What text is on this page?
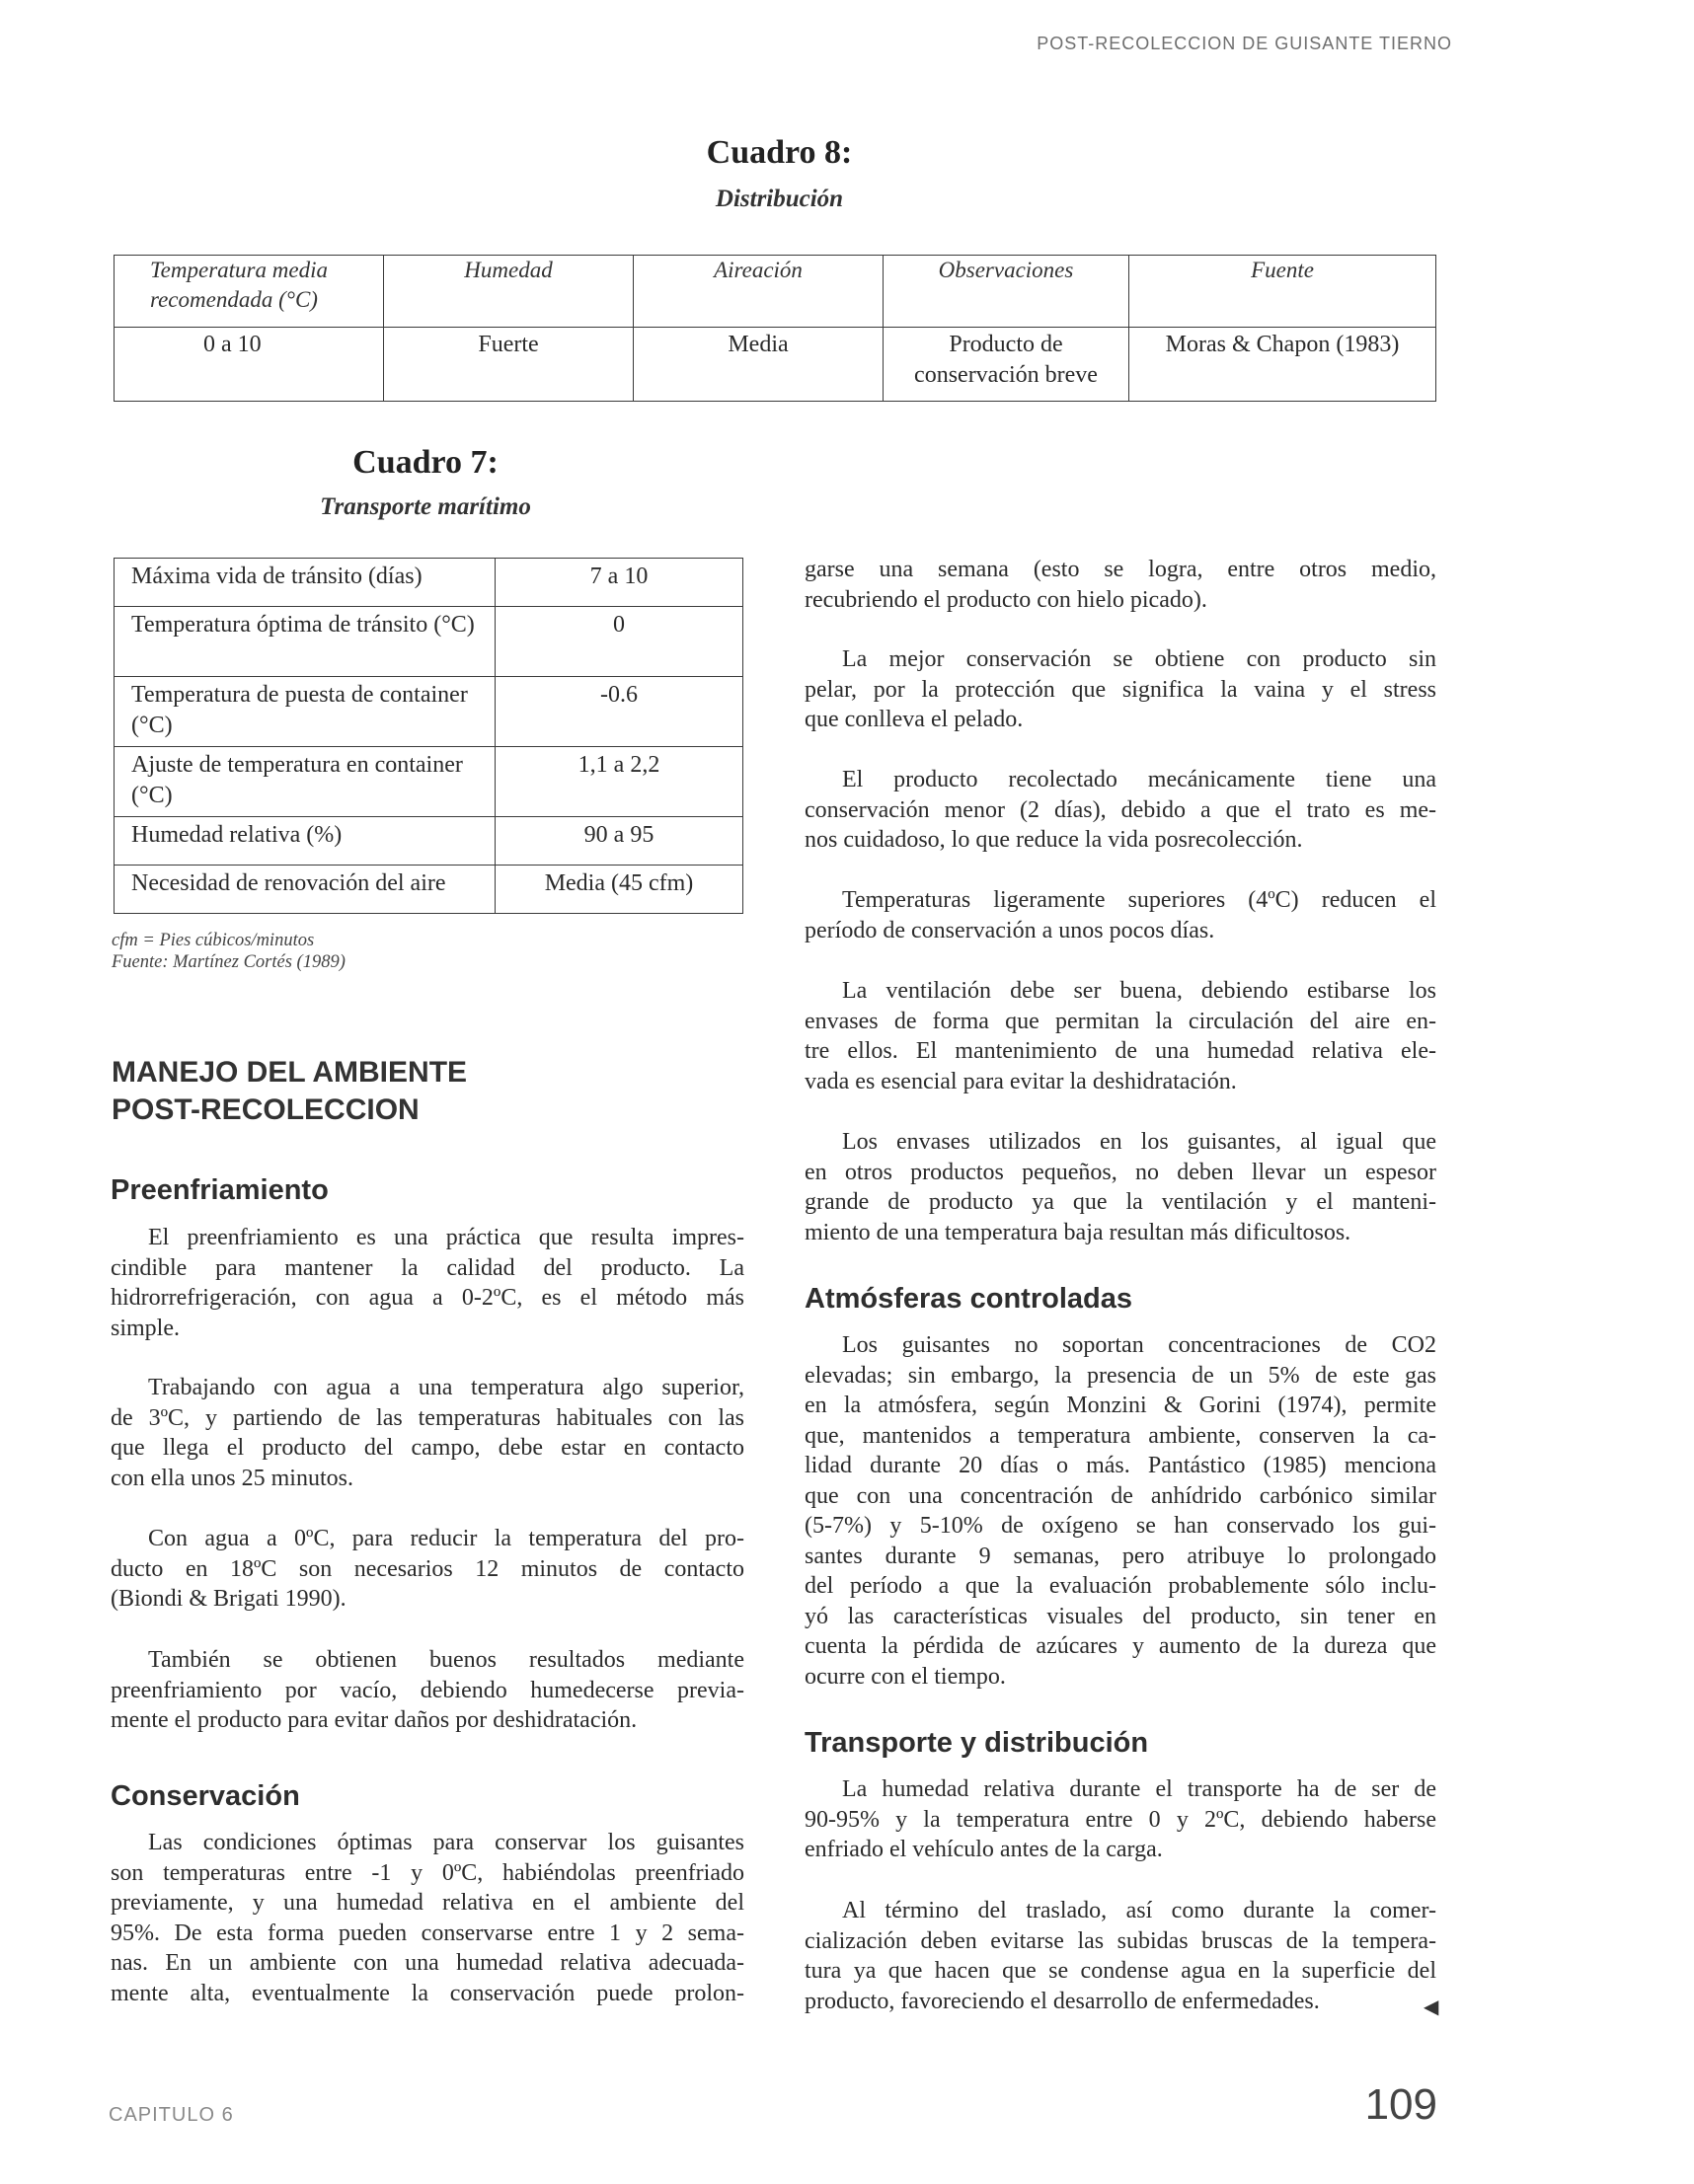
POST-RECOLECCION DE GUISANTE TIERNO
Cuadro 8:
Distribución
Temperatura media recomendada (°C)	Humedad	Aireación	Observaciones	Fuente
0 a 10	Fuerte	Media	Producto de conservación breve	Moras & Chapon (1983)
Cuadro 7:
Transporte marítimo
Máxima vida de tránsito (días)	7 a 10
Temperatura óptima de tránsito (°C)	0
Temperatura de puesta de container (°C)	-0.6
Ajuste de temperatura en container (°C)	1,1 a 2,2
Humedad relativa (%)	90 a 95
Necesidad de renovación del aire	Media (45 cfm)
cfm = Pies cúbicos/minutos
Fuente: Martínez Cortés (1989)
MANEJO DEL AMBIENTE
POST-RECOLECCION
Preenfriamiento
El preenfriamiento es una práctica que resulta impres-
cindible para mantener la calidad del producto. La
hidrorrefrigeración, con agua a 0-2ºC, es el método más
simple.
Trabajando con agua a una temperatura algo superior,
de 3ºC, y partiendo de las temperaturas habituales con las
que llega el producto del campo, debe estar en contacto
con ella unos 25 minutos.
Con agua a 0ºC, para reducir la temperatura del pro-
ducto en 18ºC son necesarios 12 minutos de contacto
(Biondi & Brigati 1990).
También se obtienen buenos resultados mediante
preenfriamiento por vacío, debiendo humedecerse previa-
mente el producto para evitar daños por deshidratación.
Conservación
Las condiciones óptimas para conservar los guisantes
son temperaturas entre -1 y 0ºC, habiéndolas preenfriado
previamente, y una humedad relativa en el ambiente del
95%. De esta forma pueden conservarse entre 1 y 2 sema-
nas. En un ambiente con una humedad relativa adecuada-
mente alta, eventualmente la conservación puede prolon-
garse una semana (esto se logra, entre otros medio,
recubriendo el producto con hielo picado).
La mejor conservación se obtiene con producto sin
pelar, por la protección que significa la vaina y el stress
que conlleva el pelado.
El producto recolectado mecánicamente tiene una
conservación menor (2 días), debido a que el trato es me-
nos cuidadoso, lo que reduce la vida posrecolección.
Temperaturas ligeramente superiores (4ºC) reducen el
período de conservación a unos pocos días.
La ventilación debe ser buena, debiendo estibarse los
envases de forma que permitan la circulación del aire en-
tre ellos. El mantenimiento de una humedad relativa ele-
vada es esencial para evitar la deshidratación.
Los envases utilizados en los guisantes, al igual que
en otros productos pequeños, no deben llevar un espesor
grande de producto ya que la ventilación y el manteni-
miento de una temperatura baja resultan más dificultosos.
Atmósferas controladas
Los guisantes no soportan concentraciones de CO2
elevadas; sin embargo, la presencia de un 5% de este gas
en la atmósfera, según Monzini & Gorini (1974), permite
que, mantenidos a temperatura ambiente, conserven la ca-
lidad durante 20 días o más. Pantástico (1985) menciona
que con una concentración de anhídrido carbónico similar
(5-7%) y 5-10% de oxígeno se han conservado los gui-
santes durante 9 semanas, pero atribuye lo prolongado
del período a que la evaluación probablemente sólo inclu-
yó las características visuales del producto, sin tener en
cuenta la pérdida de azúcares y aumento de la dureza que
ocurre con el tiempo.
Transporte y distribución
La humedad relativa durante el transporte ha de ser de
90-95% y la temperatura entre 0 y 2ºC, debiendo haberse
enfriado el vehículo antes de la carga.
Al término del traslado, así como durante la comer-
cialización deben evitarse las subidas bruscas de la tempera-
tura ya que hacen que se condense agua en la superficie del
producto, favoreciendo el desarrollo de enfermedades.	◀
CAPITULO 6	109
